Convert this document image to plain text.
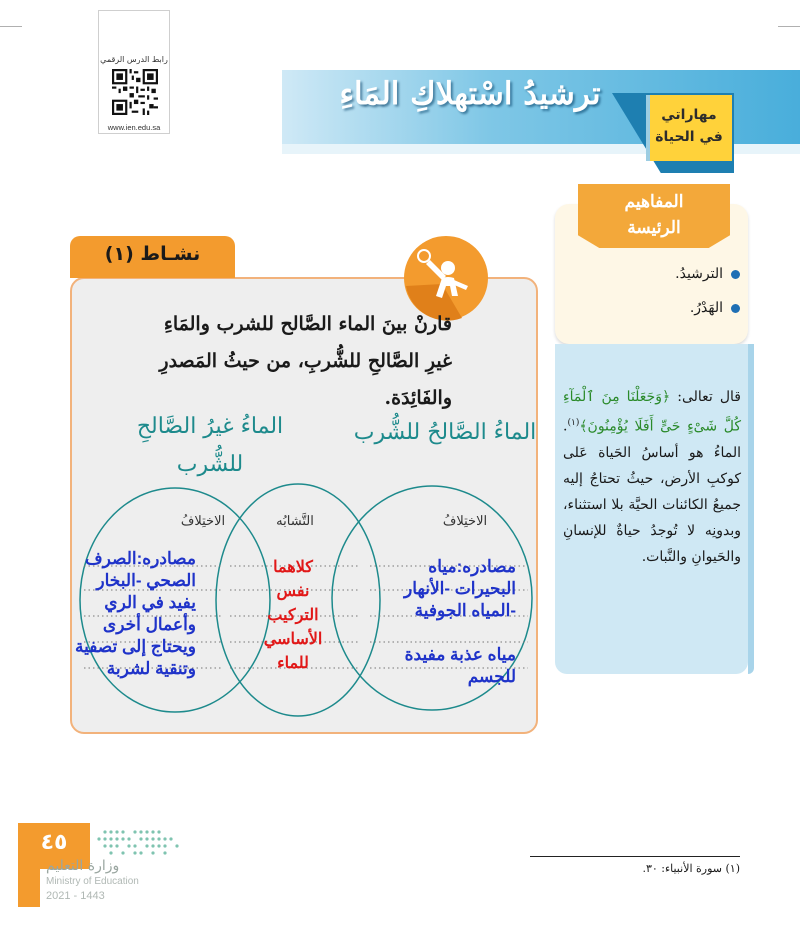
رابط الدرس الرقمي
www.ien.edu.sa
ترشيدُ اسْتهلاكِ المَاءِ
مهاراتي
في الحياة
المفاهيم
الرئيسة
الترشيدُ.
الهَدْرُ.
قال تعالى: ﴿وَجَعَلْنَا مِنَ ٱلْمَآءِ كُلَّ شَىْءٍ حَىٍّ أَفَلَا يُؤْمِنُونَ﴾$^{(١)}$. الماءُ هو أساسُ الحَياة عَلى كوكبِ الأرض، حيثُ تحتاجُ إليه جميعُ الكائنات الحيَّة بلا استثناء، وبدونِه لا تُوجدُ حياةٌ للإنسانِ والحَيوانِ والنَّبات.
نشـاط (١)
قارنْ بينَ الماء الصَّالح للشرب والمَاءِ
غيرِ الصَّالحِ للشُّربِ، من حيثُ المَصدرِ والفَائِدَة.
الماءُ الصَّالحُ للشُّرب
الماءُ غيرُ الصَّالحِ
للشُّرب
الاختِلافُ
التَّشابُه
الاختِلافُ
مصادره:مياه
البحيرات -الأنهار
-المياه الجوفية
مياه عذبة مفيدة
للجسم
كلاهما
نفس
التركيب
الأساسي
للماء
مصادره:الصرف
الصحي -البخار
يفيد في الري
وأعمال أخرى
ويحتاج إلى تصفية
وتنقية لشربة
٤٥
وزارة التعليم
Ministry of Education
2021 - 1443
(١) سورة الأنبياء: ٣٠.
